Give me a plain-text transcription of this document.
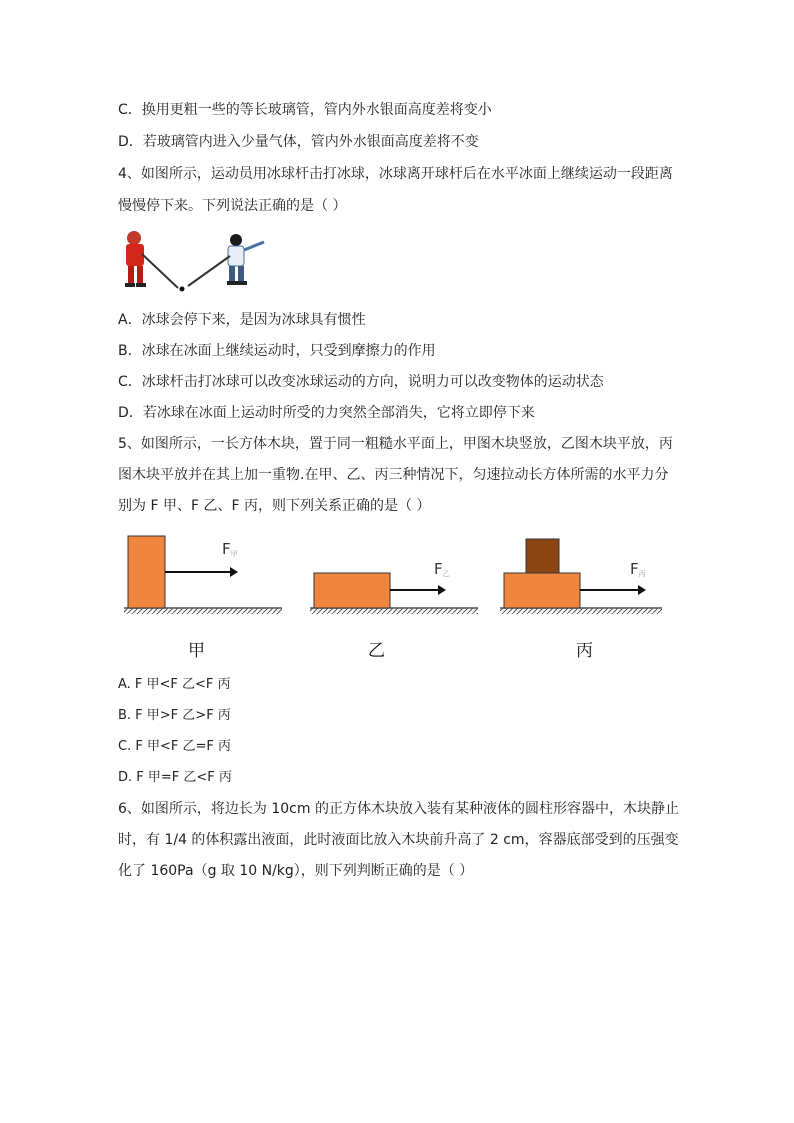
C．换用更粗一些的等长玻璃管，管内外水银面高度差将变小
D．若玻璃管内进入少量气体，管内外水银面高度差将不变
4、如图所示，运动员用冰球杆击打冰球，冰球离开球杆后在水平冰面上继续运动一段距离
慢慢停下来。下列说法正确的是（ ）
A．冰球会停下来，是因为冰球具有惯性
B．冰球在冰面上继续运动时，只受到摩擦力的作用
C．冰球杆击打冰球可以改变冰球运动的方向，说明力可以改变物体的运动状态
D．若冰球在冰面上运动时所受的力突然全部消失，它将立即停下来
5、如图所示，一长方体木块，置于同一粗糙水平面上，甲图木块竖放，乙图木块平放，丙
图木块平放并在其上加一重物.在甲、乙、丙三种情况下，匀速拉动长方体所需的水平力分
别为 F 甲、F 乙、F 丙，则下列关系正确的是（ ）
F甲
甲
F乙
乙
F丙
丙
A. F 甲<F 乙<F 丙
B. F 甲>F 乙>F 丙
C. F 甲<F 乙=F 丙
D. F 甲=F 乙<F 丙
6、如图所示，将边长为 10cm 的正方体木块放入装有某种液体的圆柱形容器中，木块静止
时，有 1/4 的体积露出液面，此时液面比放入木块前升高了 2 cm，容器底部受到的压强变
化了 160Pa（g 取 10 N/kg），则下列判断正确的是（ ）
